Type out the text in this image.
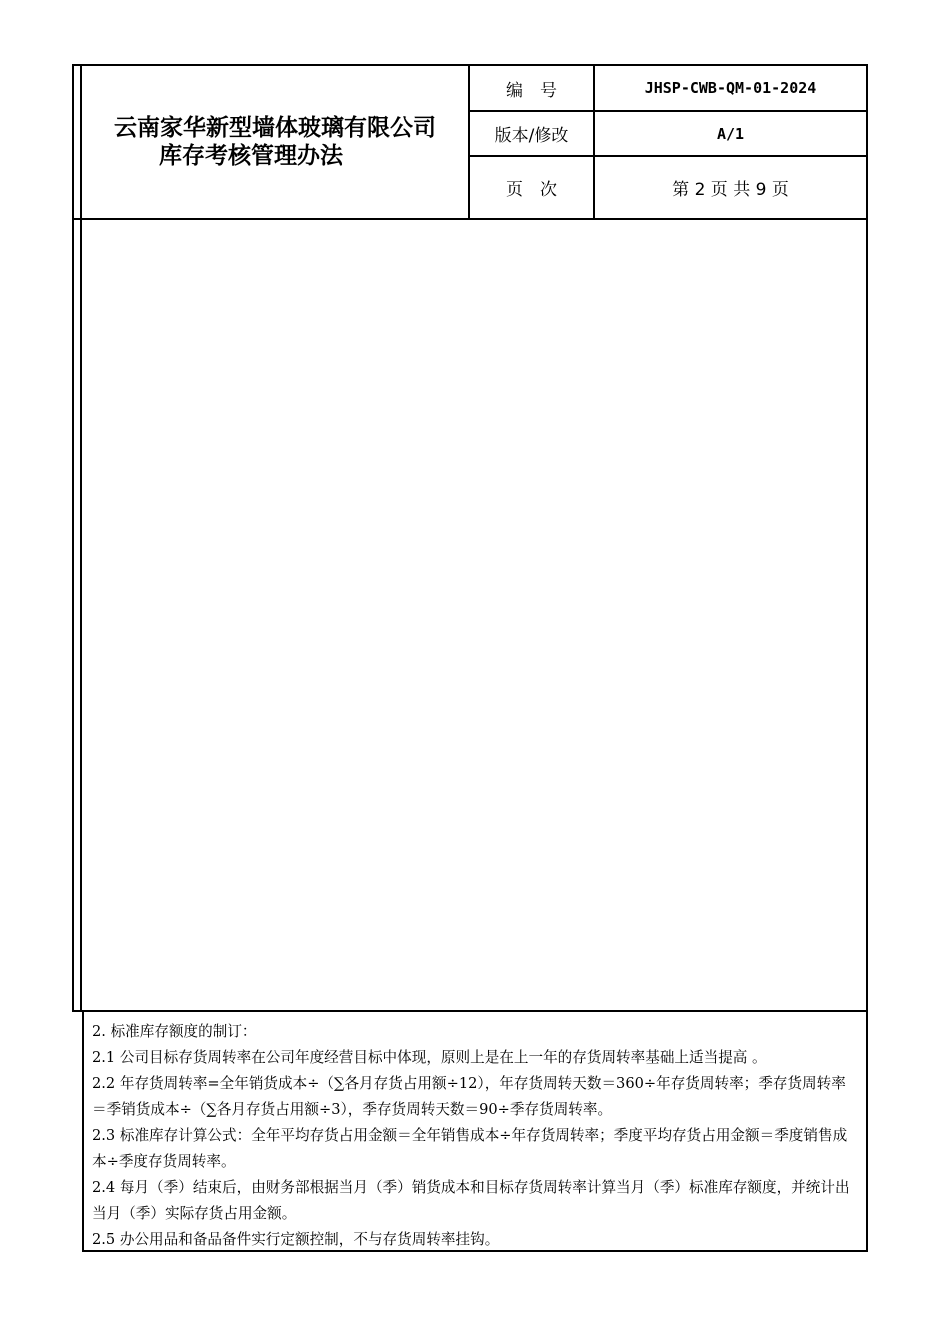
云南家华新型墙体玻璃有限公司
库存考核管理办法
编　号	JHSP-CWB-QM-01-2024
版本/修改	A/1
页　次	第 2 页 共 9 页

2. 标准库存额度的制订：

2.1 公司目标存货周转率在公司年度经营目标中体现，原则上是在上一年的存货周转率基础上适当提高 。

2.2 年存货周转率=全年销货成本÷（∑各月存货占用额÷12），年存货周转天数＝360÷年存货周转率；季存货周转率＝季销货成本÷（∑各月存货占用额÷3），季存货周转天数＝90÷季存货周转率。

2.3 标准库存计算公式：全年平均存货占用金额＝全年销售成本÷年存货周转率；季度平均存货占用金额＝季度销售成本÷季度存货周转率。

2.4 每月（季）结束后，由财务部根据当月（季）销货成本和目标存货周转率计算当月（季）标准库存额度，并统计出当月（季）实际存货占用金额。

2.5 办公用品和备品备件实行定额控制，不与存货周转率挂钩。
